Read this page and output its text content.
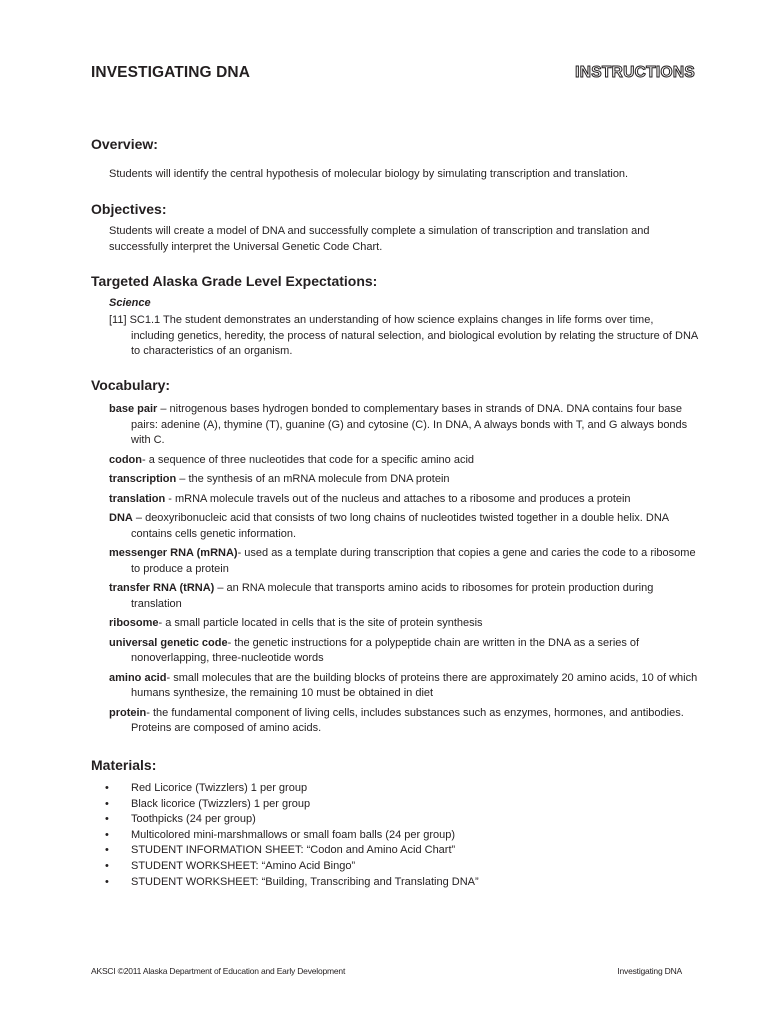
INVESTIGATING DNA	INSTRUCTIONS
Overview:

Students will identify the central hypothesis of molecular biology by simulating transcription and translation.

Objectives:

Students will create a model of DNA and successfully complete a simulation of transcription and translation and successfully interpret the Universal Genetic Code Chart.

Targeted Alaska Grade Level Expectations:
Science

[11] SC1.1 The student demonstrates an understanding of how science explains changes in life forms over time, including genetics, heredity, the process of natural selection, and biological evolution by relating the structure of DNA to characteristics of an organism.

Vocabulary:
base pair – nitrogenous bases hydrogen bonded to complementary bases in strands of DNA. DNA contains four base pairs: adenine (A), thymine (T), guanine (G) and cytosine (C). In DNA, A always bonds with T, and G always bonds with C.
codon- a sequence of three nucleotides that code for a specific amino acid
transcription – the synthesis of an mRNA molecule from DNA protein
translation - mRNA molecule travels out of the nucleus and attaches to a ribosome and produces a protein
DNA – deoxyribonucleic acid that consists of two long chains of nucleotides twisted together in a double helix. DNA contains cells genetic information.
messenger RNA (mRNA)- used as a template during transcription that copies a gene and caries the code to a ribosome to produce a protein
transfer RNA (tRNA) – an RNA molecule that transports amino acids to ribosomes for protein production during translation
ribosome- a small particle located in cells that is the site of protein synthesis
universal genetic code- the genetic instructions for a polypeptide chain are written in the DNA as a series of nonoverlapping, three-nucleotide words
amino acid- small molecules that are the building blocks of proteins there are approximately 20 amino acids, 10 of which humans synthesize, the remaining 10 must be obtained in diet
protein- the fundamental component of living cells, includes substances such as enzymes, hormones, and antibodies. Proteins are composed of amino acids.
Materials:
• Red Licorice (Twizzlers) 1 per group
• Black licorice (Twizzlers) 1 per group
• Toothpicks (24 per group)
• Multicolored mini-marshmallows or small foam balls (24 per group)
• STUDENT INFORMATION SHEET: “Codon and Amino Acid Chart”
• STUDENT WORKSHEET: “Amino Acid Bingo”
• STUDENT WORKSHEET: “Building, Transcribing and Translating DNA”
AKSCI ©2011 Alaska Department of Education and Early Development	Investigating DNA
